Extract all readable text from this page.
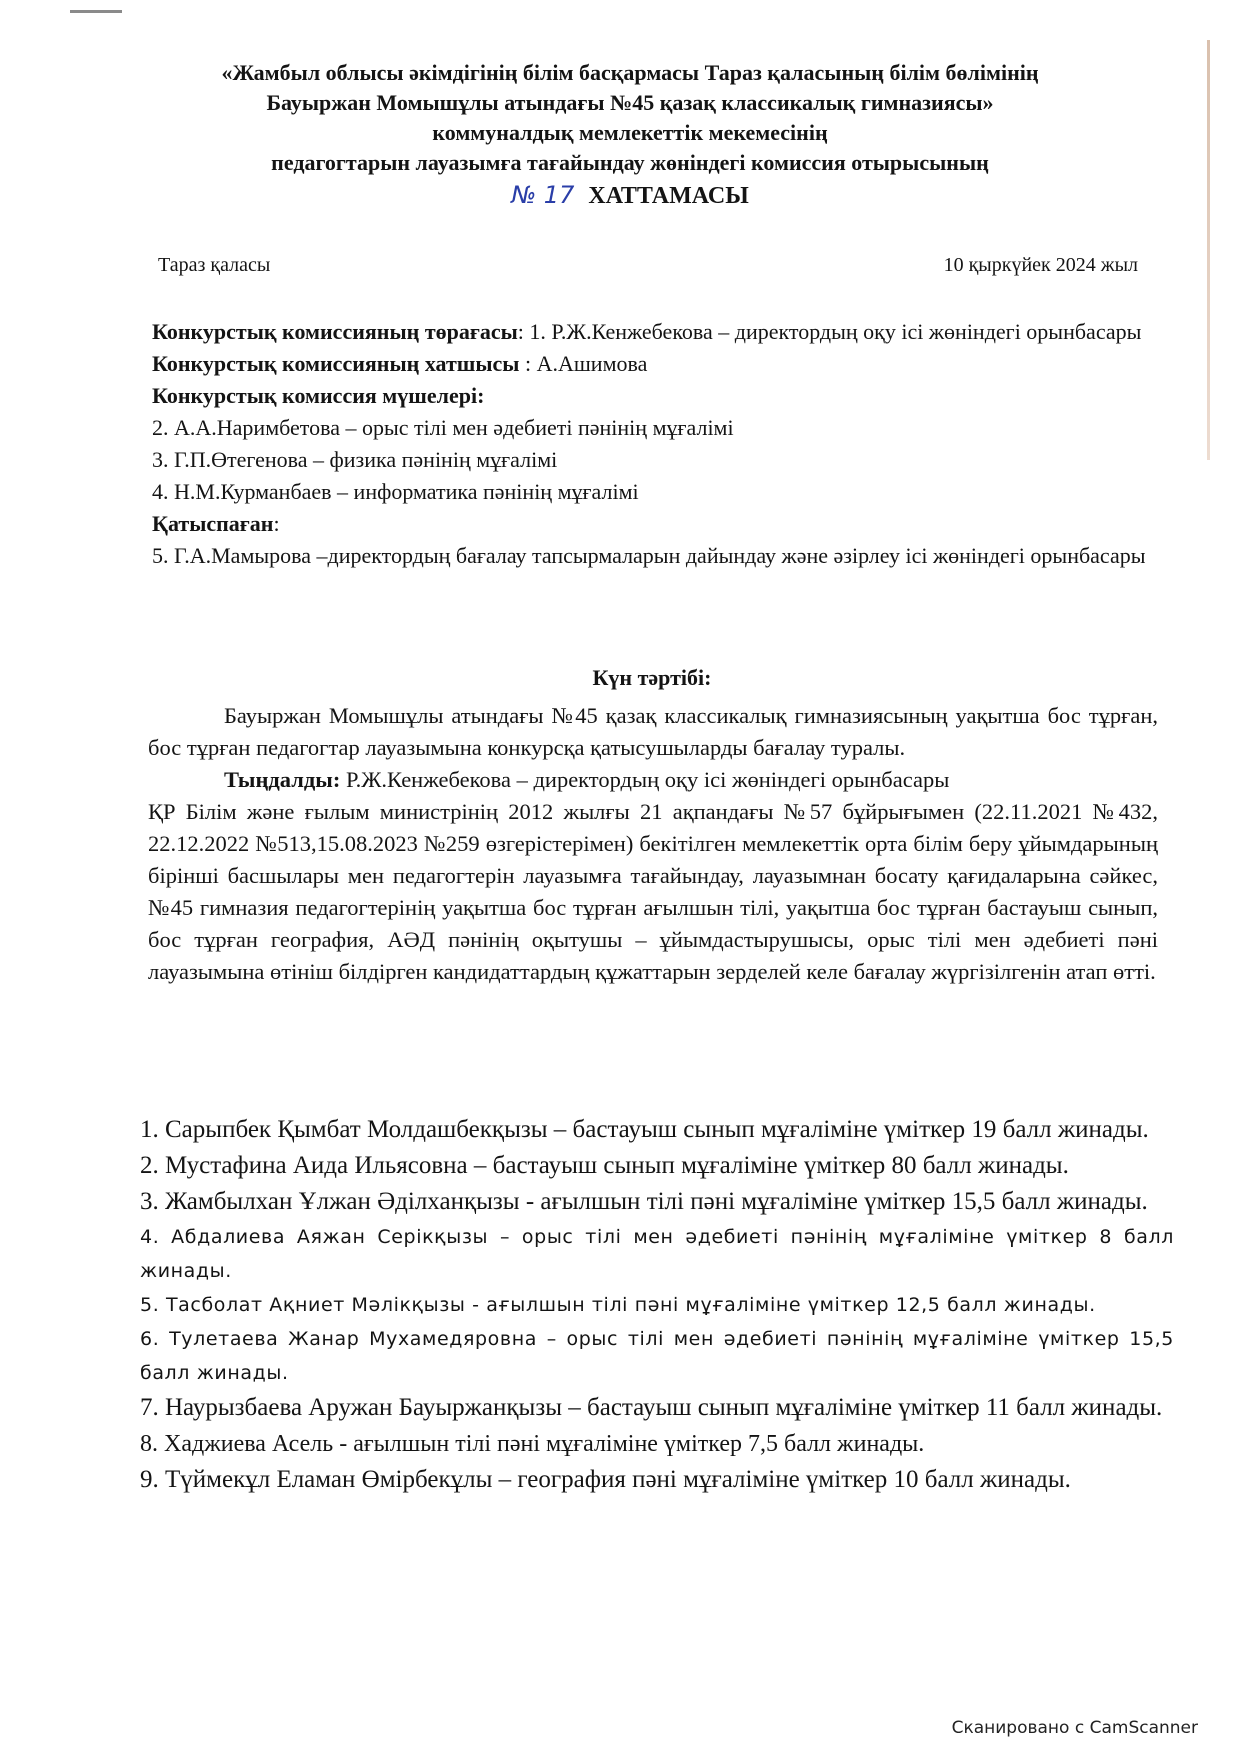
«Жамбыл облысы әкімдігінің білім басқармасы Тараз қаласының білім бөлімінің
Бауыржан Момышұлы атындағы №45 қазақ классикалық гимназиясы»
коммуналдық мемлекеттік мекемесінің
педагогтарын лауазымға тағайындау жөніндегі комиссия отырысының
№ 17 ХАТТАМАСЫ
Тараз қаласы	10 қыркүйек 2024 жыл

Конкурстық комиссияның төрағасы: 1. Р.Ж.Кенжебекова – директордың оқу ісі жөніндегі орынбасары

Конкурстық комиссияның хатшысы : А.Ашимова

Конкурстық комиссия мүшелері:

2. А.А.Наримбетова – орыс тілі мен әдебиеті пәнінің мұғалімі

3. Г.П.Өтегенова – физика пәнінің мұғалімі

4. Н.М.Курманбаев – информатика пәнінің мұғалімі

Қатыспаған:

5. Г.А.Мамырова –директордың бағалау тапсырмаларын дайындау және әзірлеу ісі жөніндегі орынбасары

Күн тәртібі:

Бауыржан Момышұлы атындағы №45 қазақ классикалық гимназиясының уақытша бос тұрған, бос тұрған педагогтар лауазымына конкурсқа қатысушыларды бағалау туралы.

Тыңдалды: Р.Ж.Кенжебекова – директордың оқу ісі жөніндегі орынбасары

ҚР Білім және ғылым министрінің 2012 жылғы 21 ақпандағы №57 бұйрығымен (22.11.2021 №432, 22.12.2022 №513,15.08.2023 №259 өзгерістерімен) бекітілген мемлекеттік орта білім беру ұйымдарының бірінші басшылары мен педагогтерін лауазымға тағайындау, лауазымнан босату қағидаларына сәйкес, №45 гимназия педагогтерінің уақытша бос тұрған ағылшын тілі, уақытша бос тұрған бастауыш сынып, бос тұрған география, АӘД пәнінің оқытушы – ұйымдастырушысы, орыс тілі мен әдебиеті пәні лауазымына өтініш білдірген кандидаттардың құжаттарын зерделей келе бағалау жүргізілгенін атап өтті.

1. Сарыпбек Қымбат Молдашбекқызы – бастауыш сынып мұғаліміне үміткер 19 балл жинады.

2. Мустафина Аида Ильясовна – бастауыш сынып мұғаліміне үміткер 80 балл жинады.

3. Жамбылхан Ұлжан Әділханқызы - ағылшын тілі пәні мұғаліміне үміткер 15,5 балл жинады.

4. Абдалиева Аяжан Серікқызы – орыс тілі мен әдебиеті пәнінің мұғаліміне үміткер 8 балл жинады.

5. Тасболат Ақниет Мәлікқызы - ағылшын тілі пәні мұғаліміне үміткер 12,5 балл жинады.

6. Тулетаева Жанар Мухамедяровна – орыс тілі мен әдебиеті пәнінің мұғаліміне үміткер 15,5 балл жинады.

7. Наурызбаева Аружан Бауыржанқызы – бастауыш сынып мұғаліміне үміткер 11 балл жинады.

8. Хаджиева Асель - ағылшын тілі пәні мұғаліміне үміткер 7,5 балл жинады.

9. Түймекұл Еламан Өмірбекұлы – география пәні мұғаліміне үміткер 10 балл жинады.

Сканировано с CamScanner
